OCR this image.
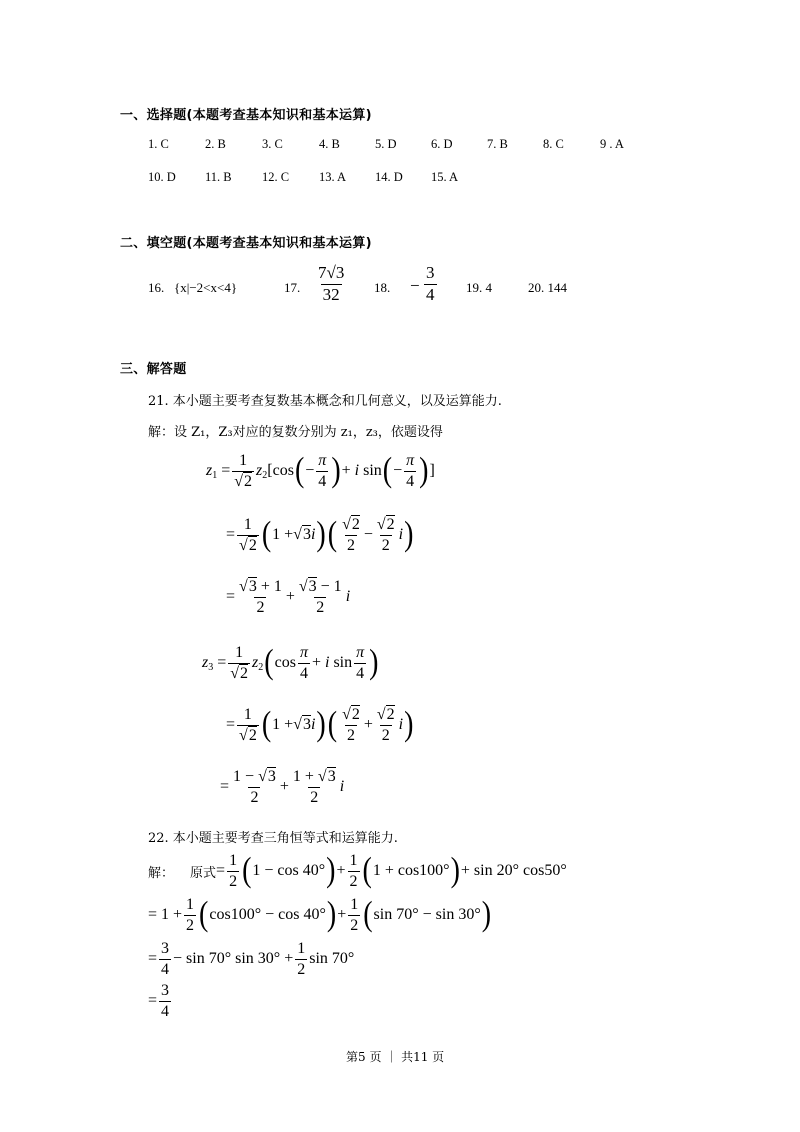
一、选择题(本题考查基本知识和基本运算)
1. C	2. B	3. C	4. B	5. D	6. D	7. B	8. C	9 . A
10. D 11. B 12. C 13. A 14. D 15. A
二、填空题(本题考查基本知识和基本运算)
16. {x|−2<x<4}	17. $\frac{7√3}{32} 18$. − $\frac{3}{4} 19$. 4	20. 144
三、解答题
21. 本小题主要考查复数基本概念和几何意义，以及运算能力.
解：设 Z₁，Z₃对应的复数分别为 z₁，z₃，依题设得
$z_1$ =
1
√2
$z_2$ [cos ( −
π
4 ) + i sin ( −
π
4 ) ]
=
1
√2 ( 1 + √3 i ) ( √2
2
−
√2
2
i )
=
√3 + 1
2
+
√3 − 1
2
i
$z_3$ =
1
√2
$z_2$ ( cos
π
4
+ i sin
π
4 )
=
1
√2 ( 1 + √3 i ) ( √2
2
+
√2
2
i )
=
1 − √3
2
+
1 + √3
2
i
22. 本小题主要考查三角恒等式和运算能力.
解：
原式 =
1
2 ( 1 − cos 40° ) +
1
2 ( 1 + cos100° ) + sin 20° cos50°
= 1 +
1
2 ( cos100° − cos 40° ) +
1
2 ( sin 70° − sin 30° )
=
3
4
− sin 70° sin 30° +
1
2
sin 70°
=
3
4
第5 页 ｜ 共11 页
